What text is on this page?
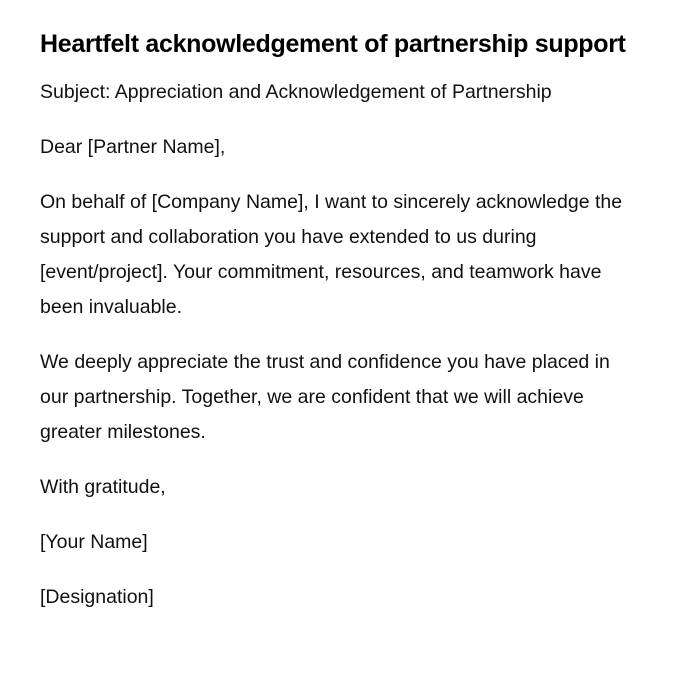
Heartfelt acknowledgement of partnership support

Subject: Appreciation and Acknowledgement of Partnership

Dear [Partner Name],

On behalf of [Company Name], I want to sincerely acknowledge the support and collaboration you have extended to us during [event/project]. Your commitment, resources, and teamwork have been invaluable.

We deeply appreciate the trust and confidence you have placed in our partnership. Together, we are confident that we will achieve greater milestones.

With gratitude,

[Your Name]

[Designation]
